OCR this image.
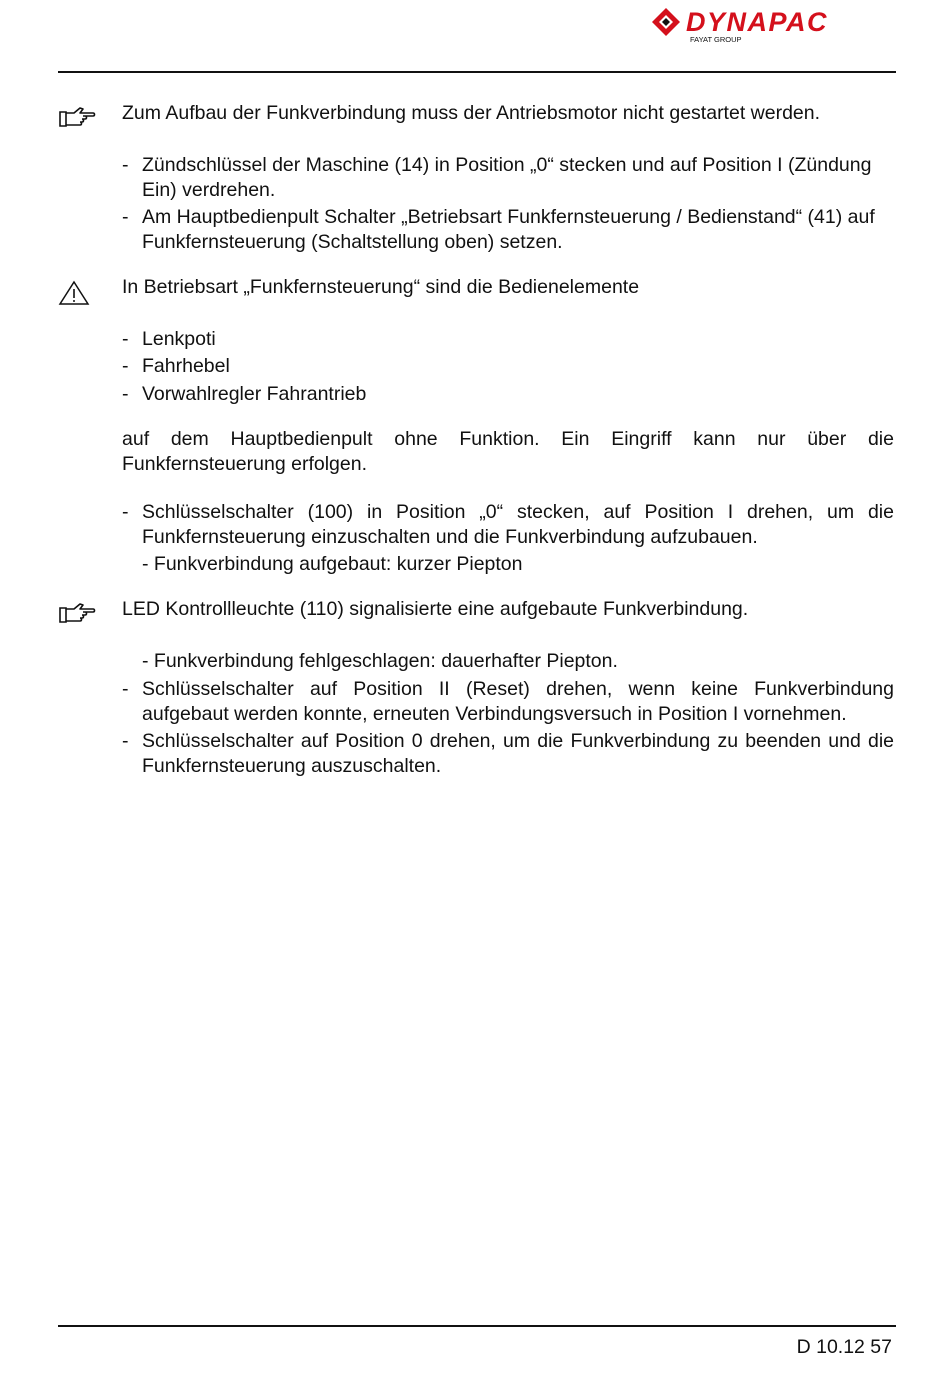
DYNAPAC
FAYAT GROUP
Zum Aufbau der Funkverbindung muss der Antriebsmotor nicht gestartet werden.
- Zündschlüssel der Maschine (14) in Position „0“ stecken und auf Position I (Zündung Ein) verdrehen.
- Am Hauptbedienpult Schalter „Betriebsart Funkfernsteuerung / Bedienstand“ (41) auf Funkfernsteuerung (Schaltstellung oben) setzen.
In Betriebsart „Funkfernsteuerung“ sind die Bedienelemente
- Lenkpoti
- Fahrhebel
- Vorwahlregler Fahrantrieb
auf dem Hauptbedienpult ohne Funktion. Ein Eingriff kann nur über die Funkfernsteuerung erfolgen.
- Schlüsselschalter (100) in Position „0“ stecken, auf Position I drehen, um die Funkfernsteuerung einzuschalten und die Funkverbindung aufzubauen.
- Funkverbindung aufgebaut: kurzer Piepton
LED Kontrollleuchte (110) signalisierte eine aufgebaute Funkverbindung.
- Funkverbindung fehlgeschlagen: dauerhafter Piepton.
- Schlüsselschalter auf Position II (Reset) drehen, wenn keine Funkverbindung aufgebaut werden konnte, erneuten Verbindungsversuch in Position I vornehmen.
- Schlüsselschalter auf Position 0 drehen, um die Funkverbindung zu beenden und die Funkfernsteuerung auszuschalten.
D 10.12 57
